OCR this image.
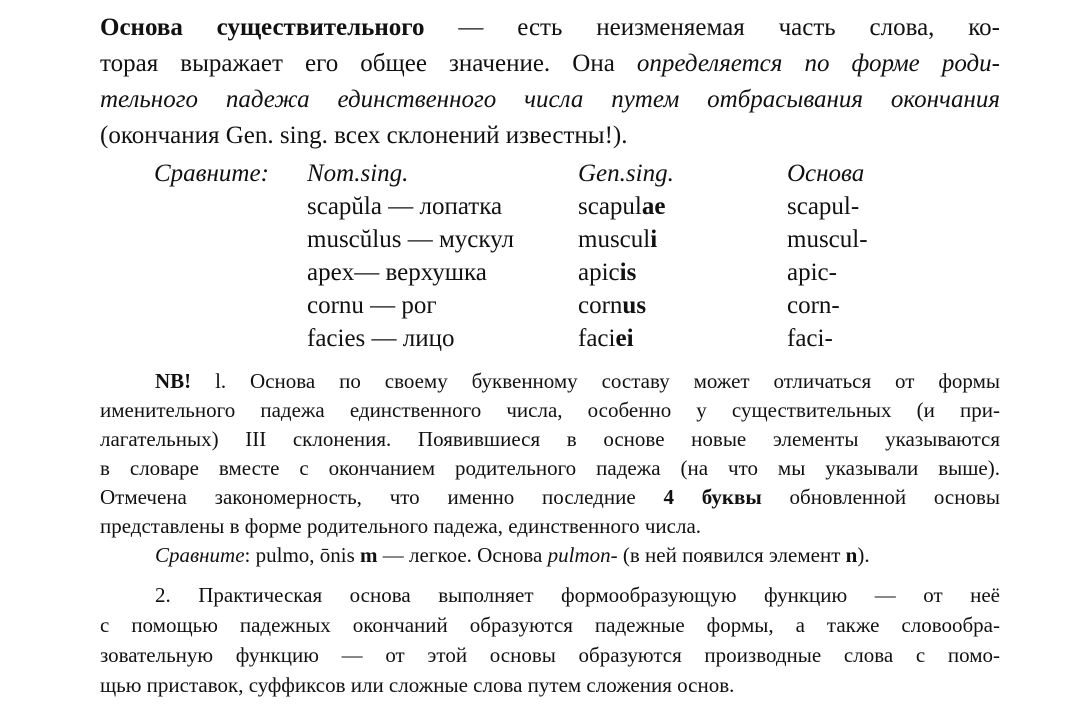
Основа существительного — есть неизменяемая часть слова, ко-
торая выражает его общее значение. Она определяется по форме роди-
тельного падежа единственного числа путем отбрасывания окончания
(окончания Gen. sing. всех склонений известны!).
Сравните: Nom.sing.	Gen.sing.	Основа
scapŭla — лопатка	scapulae	scapul-
muscŭlus — мускул	musculi	muscul-
apex— верхушка	apicis	apic-
cornu — рог	cornus	corn-
facies — лицо	faciei	faci-
NB! l. Основа по своему буквенному составу может отличаться от формы
именительного падежа единственного числа, особенно у существительных (и при-
лагательных) III склонения. Появившиеся в основе новые элементы указываются
в словаре вместе с окончанием родительного падежа (на что мы указывали выше).
Отмечена закономерность, что именно последние 4 буквы обновленной основы
представлены в форме родительного падежа, единственного числа.
Сравните: pulmo, ōnis m — легкое. Основа pulmon- (в ней появился элемент n).
2. Практическая основа выполняет формообразующую функцию — от неё
с помощью падежных окончаний образуются падежные формы, а также словообра-
зовательную функцию — от этой основы образуются производные слова с помо-
щью приставок, суффиксов или сложные слова путем сложения основ.
